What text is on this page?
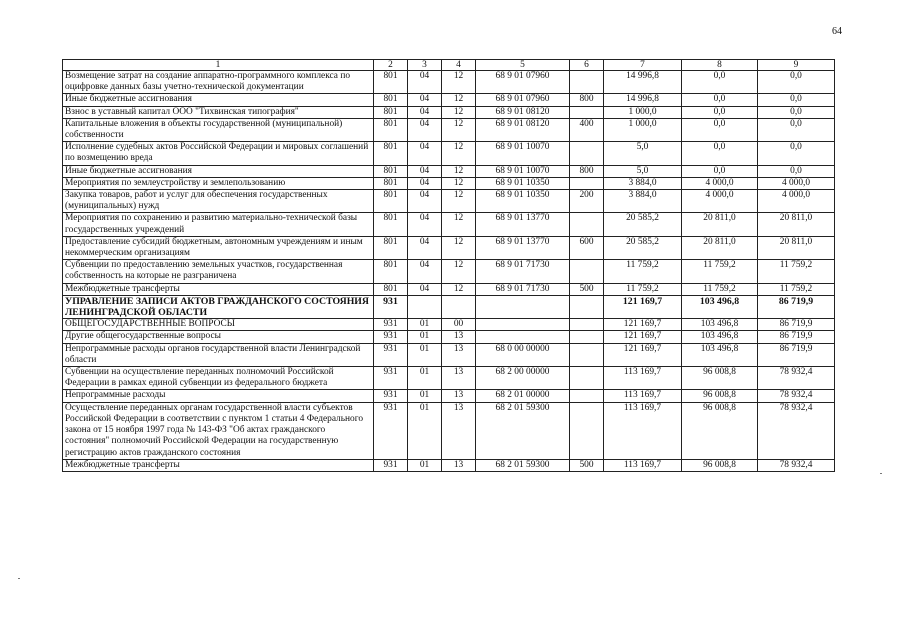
64
1	2	3	4	5	6	7	8	9
Возмещение затрат на создание аппаратно-программного комплекса по оцифровке данных базы учетно-технической документации	801	04	12	68 9 01 07960		14 996,8	0,0	0,0
Иные бюджетные ассигнования	801	04	12	68 9 01 07960	800	14 996,8	0,0	0,0
Взнос в уставный капитал ООО "Тихвинская типография"	801	04	12	68 9 01 08120		1 000,0	0,0	0,0
Капитальные вложения в объекты государственной (муниципальной) собственности	801	04	12	68 9 01 08120	400	1 000,0	0,0	0,0
Исполнение судебных актов Российской Федерации и мировых соглашений по возмещению вреда	801	04	12	68 9 01 10070		5,0	0,0	0,0
Иные бюджетные ассигнования	801	04	12	68 9 01 10070	800	5,0	0,0	0,0
Мероприятия по землеустройству и землепользованию	801	04	12	68 9 01 10350		3 884,0	4 000,0	4 000,0
Закупка товаров, работ и услуг для обеспечения государственных (муниципальных) нужд	801	04	12	68 9 01 10350	200	3 884,0	4 000,0	4 000,0
Мероприятия по сохранению и развитию материально-технической базы государственных учреждений	801	04	12	68 9 01 13770		20 585,2	20 811,0	20 811,0
Предоставление субсидий бюджетным, автономным учреждениям и иным некоммерческим организациям	801	04	12	68 9 01 13770	600	20 585,2	20 811,0	20 811,0
Субвенции по предоставлению земельных участков, государственная собственность на которые не разграничена	801	04	12	68 9 01 71730		11 759,2	11 759,2	11 759,2
Межбюджетные трансферты	801	04	12	68 9 01 71730	500	11 759,2	11 759,2	11 759,2
УПРАВЛЕНИЕ ЗАПИСИ АКТОВ ГРАЖДАНСКОГО СОСТОЯНИЯ ЛЕНИНГРАДСКОЙ ОБЛАСТИ	931					121 169,7	103 496,8	86 719,9
ОБЩЕГОСУДАРСТВЕННЫЕ ВОПРОСЫ	931	01	00			121 169,7	103 496,8	86 719,9
Другие общегосударственные вопросы	931	01	13			121 169,7	103 496,8	86 719,9
Непрограммные расходы органов государственной власти Ленинградской области	931	01	13	68 0 00 00000		121 169,7	103 496,8	86 719,9
Субвенции на осуществление переданных полномочий Российской Федерации в рамках единой субвенции из федерального бюджета	931	01	13	68 2 00 00000		113 169,7	96 008,8	78 932,4
Непрограммные расходы	931	01	13	68 2 01 00000		113 169,7	96 008,8	78 932,4
Осуществление переданных органам государственной власти субъектов Российской Федерации в соответствии с пунктом 1 статьи 4 Федерального закона от 15 ноября 1997 года № 143-ФЗ "Об актах гражданского состояния" полномочий Российской Федерации на государственную регистрацию актов гражданского состояния	931	01	13	68 2 01 59300		113 169,7	96 008,8	78 932,4
Межбюджетные трансферты	931	01	13	68 2 01 59300	500	113 169,7	96 008,8	78 932,4
